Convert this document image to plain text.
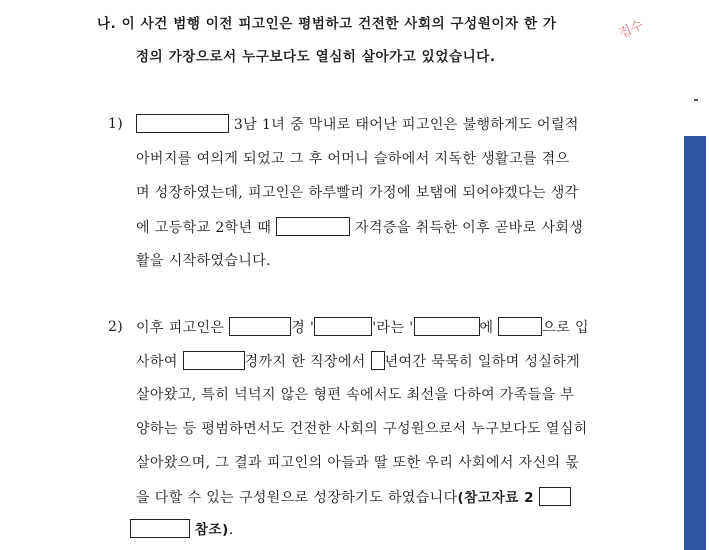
나. 이 사건 범행 이전 피고인은 평범하고 건전한 사회의 구성원이자 한 가
정의 가장으로서 누구보다도 열심히 살아가고 있었습니다.
접수
1)	3남 1녀 중 막내로 태어난 피고인은 불행하게도 어릴적
아버지를 여의게 되었고 그 후 어머니 슬하에서 지독한 생활고를 겪으
며 성장하였는데, 피고인은 하루빨리 가정에 보탬에 되어야겠다는 생각
에 고등학교 2학년 때	자격증을 취득한 이후 곧바로 사회생
활을 시작하였습니다.
2) 이후 피고인은	경 '	'라는 '	에	으로 입
사하여	경까지 한 직장에서 년여간 묵묵히 일하며 성실하게
살아왔고, 특히 넉넉지 않은 형편 속에서도 최선을 다하여 가족들을 부
양하는 등 평범하면서도 건전한 사회의 구성원으로서 누구보다도 열심히
살아왔으며, 그 결과 피고인의 아들과 딸 또한 우리 사회에서 자신의 몫
을 다할 수 있는 구성원으로 성장하기도 하였습니다(참고자료 2
참조).
